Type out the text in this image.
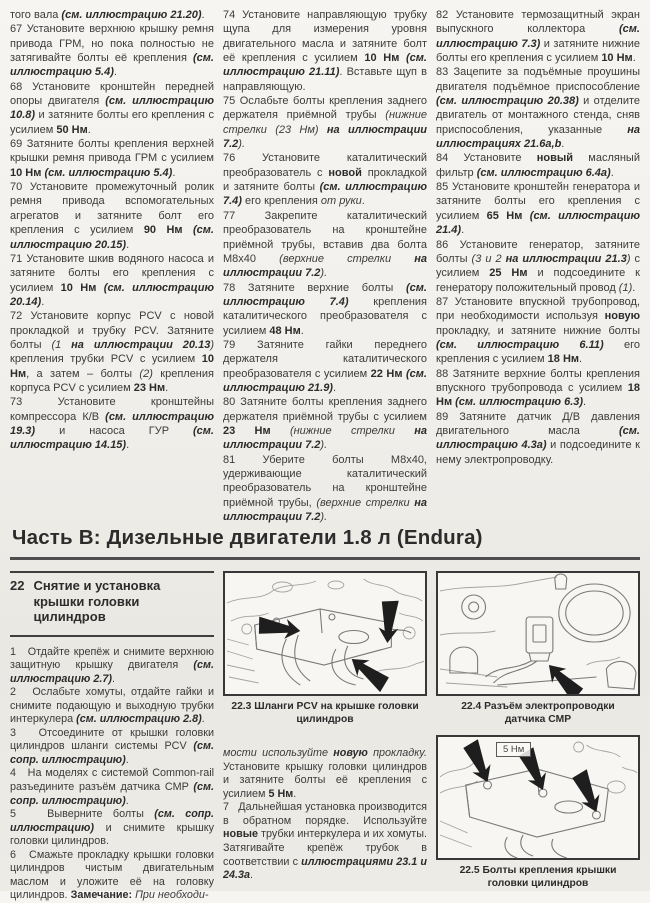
того вала (см. иллюстрацию 21.20).

67 Установите верхнюю крышку ремня привода ГРМ, но пока полностью не затягивайте болты её крепления (см. иллюстрацию 5.4).

68 Установите кронштейн передней опоры двигателя (см. иллюстрацию 10.8) и затяните болты его крепления с усилием 50 Нм.

69 Затяните болты крепления верхней крышки ремня привода ГРМ с усилием 10 Нм (см. иллюстрацию 5.4).

70 Установите промежуточный ролик ремня привода вспомогательных агрегатов и затяните болт его крепления с усилием 90 Нм (см. иллюстрацию 20.15).

71 Установите шкив водяного насоса и затяните болты его крепления с усилием 10 Нм (см. иллюстрацию 20.14).

72 Установите корпус PCV с новой прокладкой и трубку PCV. Затяните болты (1 на иллюстрации 20.13) крепления трубки PCV с усилием 10 Нм, а затем – болты (2) крепления корпуса PCV с усилием 23 Нм.

73 Установите кронштейны компрессора К/В (см. иллюстрацию 19.3) и насоса ГУР (см. иллюстрацию 14.15).

74 Установите направляющую трубку щупа для измерения уровня двигательного масла и затяните болт её крепления с усилием 10 Нм (см. иллюстрацию 21.11). Вставьте щуп в направляющую.

75 Ослабьте болты крепления заднего держателя приёмной трубы (нижние стрелки (23 Нм) на иллюстрации 7.2).

76 Установите каталитический преобразователь с новой прокладкой и затяните болты (см. иллюстрацию 7.4) его крепления от руки.

77 Закрепите каталитический преобразователь на кронштейне приёмной трубы, вставив два болта М8х40 (верхние стрелки на иллюстрации 7.2).

78 Затяните верхние болты (см. иллюстрацию 7.4) крепления каталитического преобразователя с усилием 48 Нм.

79 Затяните гайки переднего держателя каталитического преобразователя с усилием 22 Нм (см. иллюстрацию 21.9).

80 Затяните болты крепления заднего держателя приёмной трубы с усилием 23 Нм (нижние стрелки на иллюстрации 7.2).

81 Уберите болты М8х40, удерживающие каталитический преобразователь на кронштейне приёмной трубы, (верхние стрелки на иллюстрации 7.2).

82 Установите термозащитный экран выпускного коллектора (см. иллюстрацию 7.3) и затяните нижние болты его крепления с усилием 10 Нм.

83 Зацепите за подъёмные проушины двигателя подъёмное приспособление (см. иллюстрацию 20.38) и отделите двигатель от монтажного стенда, сняв приспособления, указанные на иллюстрациях 21.6а,b.

84 Установите новый масляный фильтр (см. иллюстрацию 6.4а).

85 Установите кронштейн генератора и затяните болты его крепления с усилием 65 Нм (см. иллюстрацию 21.4).

86 Установите генератор, затяните болты (3 и 2 на иллюстрации 21.3) с усилием 25 Нм и подсоедините к генератору положительный провод (1).

87 Установите впускной трубопровод, при необходимости используя новую прокладку, и затяните нижние болты (см. иллюстрацию 6.11) его крепления с усилием 18 Нм.

88 Затяните верхние болты крепления впускного трубопровода с усилием 18 Нм (см. иллюстрацию 6.3).

89 Затяните датчик Д/В давления двигательного масла (см. иллюстрацию 4.3а) и подсоедините к нему электропроводку.

Часть В: Дизельные двигатели 1.8 л (Endura)
22 Снятие и установка крышки головки цилиндров

1   Отдайте крепёж и снимите верхнюю защитную крышку двигателя (см. иллюстрацию 2.7).

2   Ослабьте хомуты, отдайте гайки и снимите подающую и выходную трубки интеркулера (см. иллюстрацию 2.8).

3   Отсоедините от крышки головки цилиндров шланги системы PCV (см. сопр. иллюстрацию).

4   На моделях с системой Common-rail разъедините разъём датчика CMP (см. сопр. иллюстрацию).

5   Выверните болты (см. сопр. иллюстрацию) и снимите крышку головки цилиндров.

6   Смажьте прокладку крышки головки цилиндров чистым двигательным маслом и уложите её на головку цилиндров. Замечание: При необходи-

22.3 Шланги PCV на крышке головки цилиндров

мости используйте новую прокладку. Установите крышку головки цилиндров и затяните болты её крепления с усилием 5 Нм.

7   Дальнейшая установка производится в обратном порядке. Используйте новые трубки интеркулера и их хомуты. Затягивайте крепёж трубок в соответствии с иллюстрациями 23.1 и 24.3а.

22.4 Разъём электропроводки датчика CMP
5 Нм
22.5 Болты крепления крышки головки цилиндров
